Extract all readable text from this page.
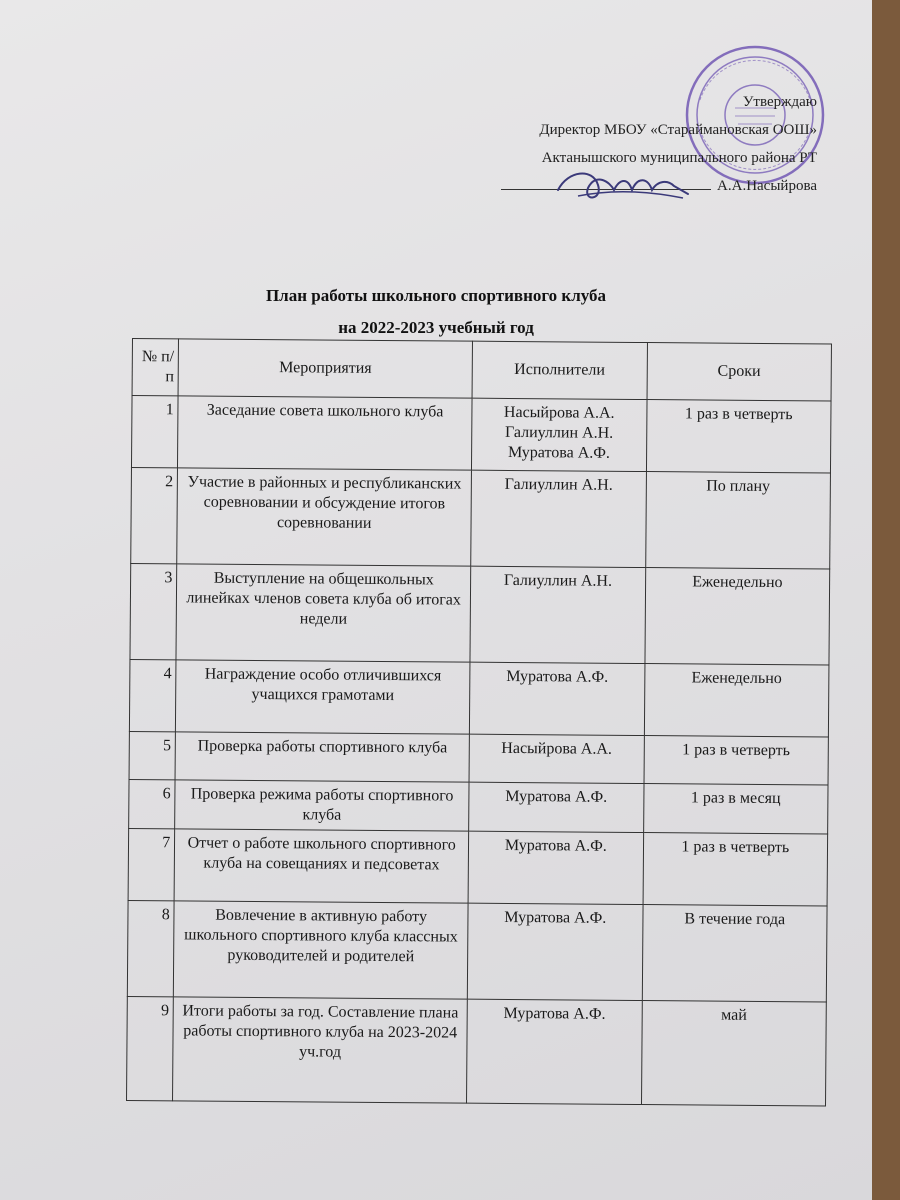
Утверждаю
Директор МБОУ «Стараймановская ООШ»
Актанышского муниципального района РТ
А.А.Насыйрова
План работы школьного спортивного клуба
на 2022-2023 учебный год
№ п/п	Мероприятия	Исполнители	Сроки
1	Заседание совета школьного клуба	Насыйрова А.А. Галиуллин А.Н. Муратова А.Ф.	1 раз в четверть
2	Участие в районных и республиканских соревновании и обсуждение итогов соревновании	Галиуллин А.Н.	По плану
3	Выступление на общешкольных линейках членов совета клуба об итогах недели	Галиуллин А.Н.	Еженедельно
4	Награждение особо отличившихся учащихся грамотами	Муратова А.Ф.	Еженедельно
5	Проверка работы спортивного клуба	Насыйрова А.А.	1 раз в четверть
6	Проверка режима работы спортивного клуба	Муратова А.Ф.	1 раз в месяц
7	Отчет о работе школьного спортивного клуба на совещаниях и педсоветах	Муратова А.Ф.	1 раз в четверть
8	Вовлечение в активную работу школьного спортивного клуба классных руководителей и родителей	Муратова А.Ф.	В течение года
9	Итоги работы за год. Составление плана работы спортивного клуба на 2023-2024 уч.год	Муратова А.Ф.	май
